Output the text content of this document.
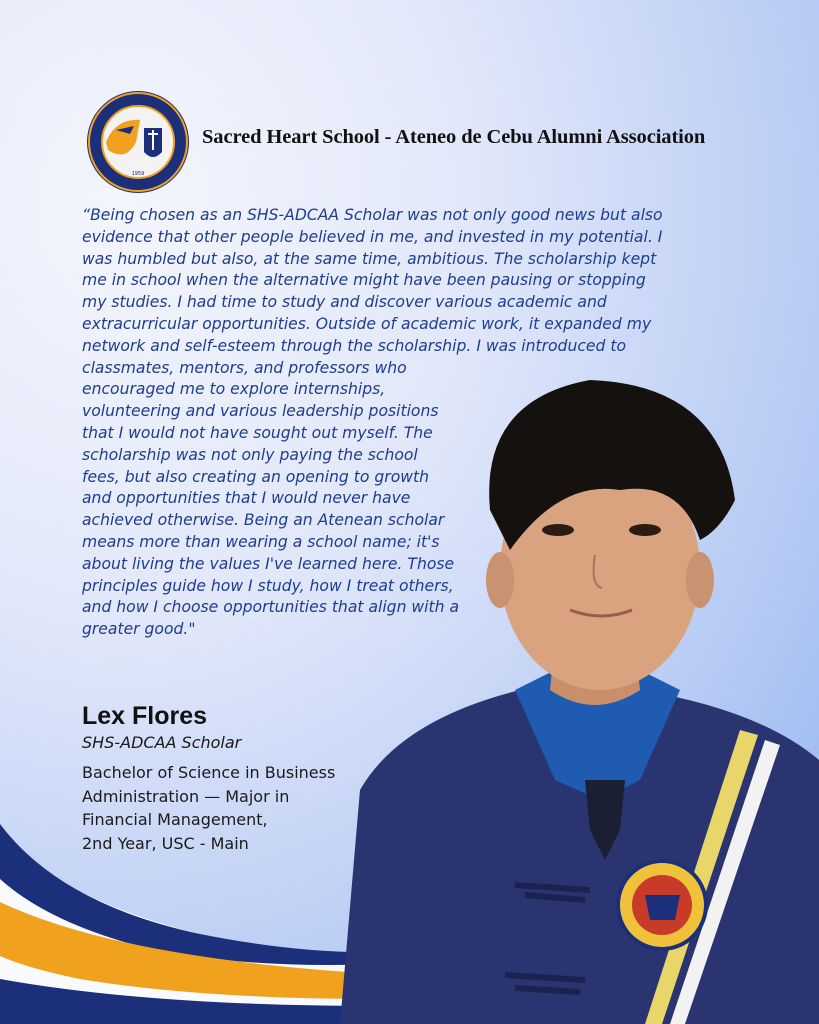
1959
Sacred Heart School - Ateneo de Cebu Alumni Association
“Being chosen as an SHS-ADCAA Scholar was not only good news but also
evidence that other people believed in me, and invested in my potential. I
was humbled but also, at the same time, ambitious. The scholarship kept
me in school when the alternative might have been pausing or stopping
my studies. I had time to study and discover various academic and
extracurricular opportunities. Outside of academic work, it expanded my
network and self-esteem through the scholarship. I was introduced to
classmates, mentors, and professors who
encouraged me to explore internships,
volunteering and various leadership positions
that I would not have sought out myself. The
scholarship was not only paying the school
fees, but also creating an opening to growth
and opportunities that I would never have
achieved otherwise. Being an Atenean scholar
means more than wearing a school name; it's
about living the values I've learned here. Those
principles guide how I study, how I treat others,
and how I choose opportunities that align with a
greater good."
Lex Flores
SHS-ADCAA Scholar
Bachelor of Science in Business
Administration — Major in
Financial Management,
2nd Year, USC - Main
